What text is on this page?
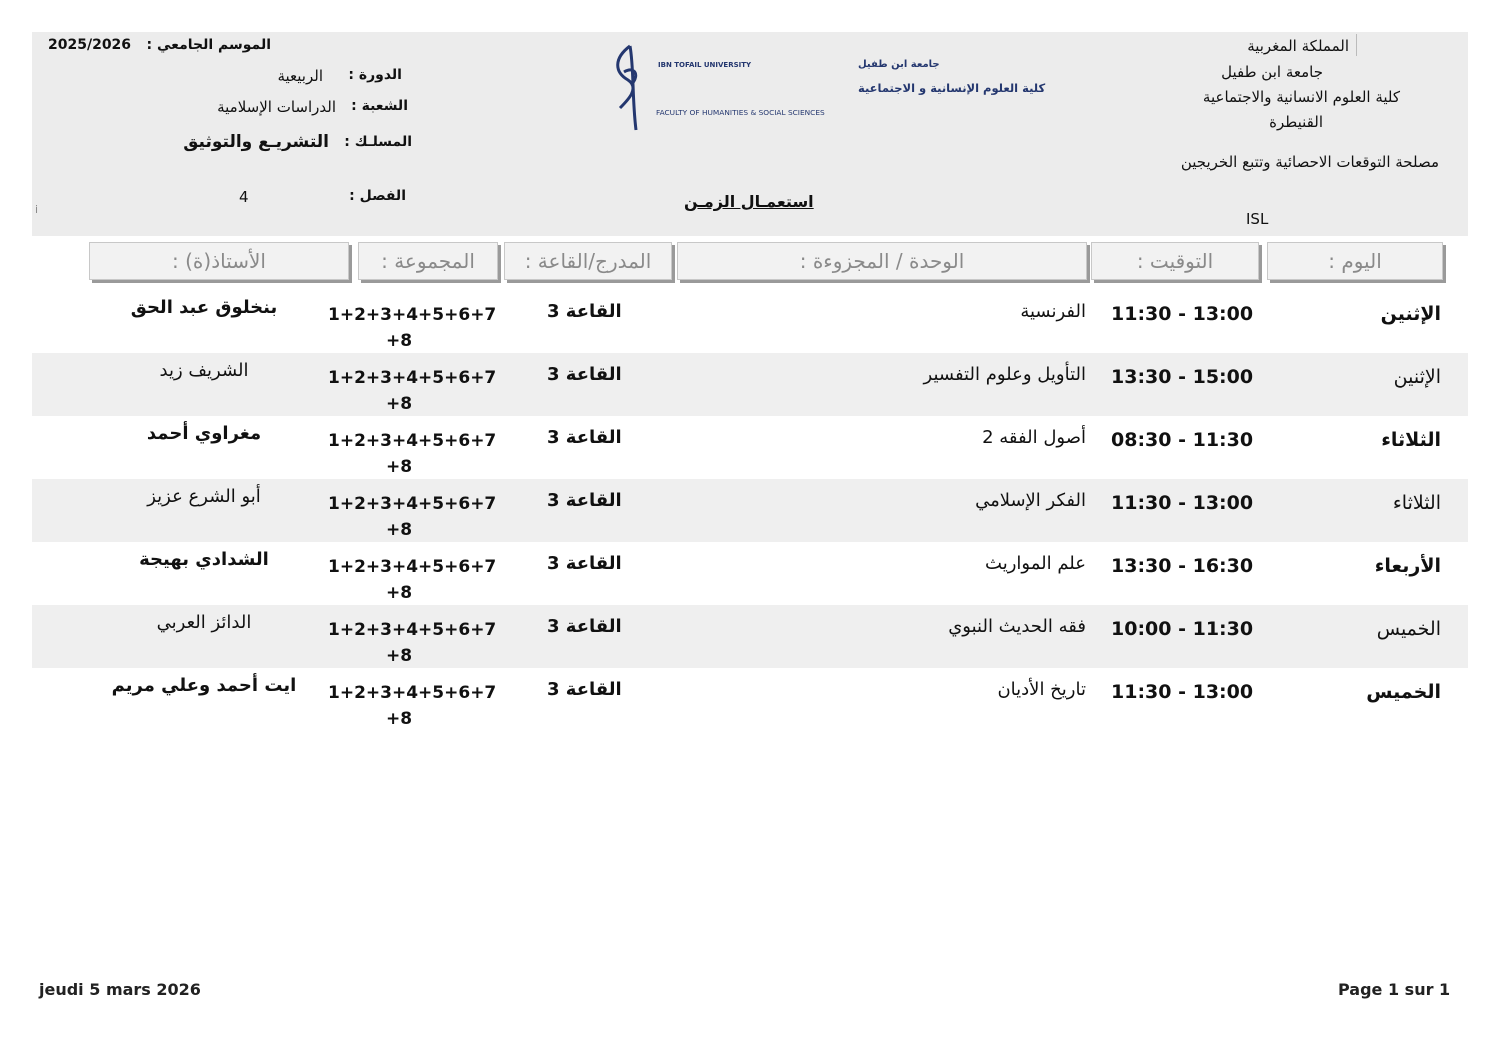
المملكة المغربية
جامعة ابن طفيل
كلية العلوم الانسانية والاجتماعية
القنيطرة
مصلحة التوقعات الاحصائية وتتبع الخريجين
ISL
IBN TOFAIL UNIVERSITY	جامعة ابن طفيل
كلية العلوم الإنسانية و الاجتماعية
FACULTY OF HUMANITIES & SOCIAL SCIENCES
استعمـال الزمـن
الموسم الجامعي :
2025/2026
الدورة :
الربيعية
الشعبة :
الدراسات الإسلامية
المسلـك :
التشريـع والتوثيق
الفصل :
4
i
اليوم :
التوقيت :
الوحدة / المجزوءة :
المدرج/القاعة :
المجموعة :
الأستاذ(ة) :
الإثنين
11:30 - 13:00
الفرنسية
القاعة 3
1+2+3+4+5+6+7 +8
بنخلوق عبد الحق
الإثنين
13:30 - 15:00
التأويل وعلوم التفسير
القاعة 3
1+2+3+4+5+6+7 +8
الشريف زيد
الثلاثاء
08:30 - 11:30
أصول الفقه 2
القاعة 3
1+2+3+4+5+6+7 +8
مغراوي أحمد
الثلاثاء
11:30 - 13:00
الفكر الإسلامي
القاعة 3
1+2+3+4+5+6+7 +8
أبو الشرع عزيز
الأربعاء
13:30 - 16:30
علم المواريث
القاعة 3
1+2+3+4+5+6+7 +8
الشدادي بهيجة
الخميس
10:00 - 11:30
فقه الحديث النبوي
القاعة 3
1+2+3+4+5+6+7 +8
الدائز العربي
الخميس
11:30 - 13:00
تاريخ الأديان
القاعة 3
1+2+3+4+5+6+7 +8
ايت أحمد وعلي مريم
jeudi 5 mars 2026	Page 1 sur 1
